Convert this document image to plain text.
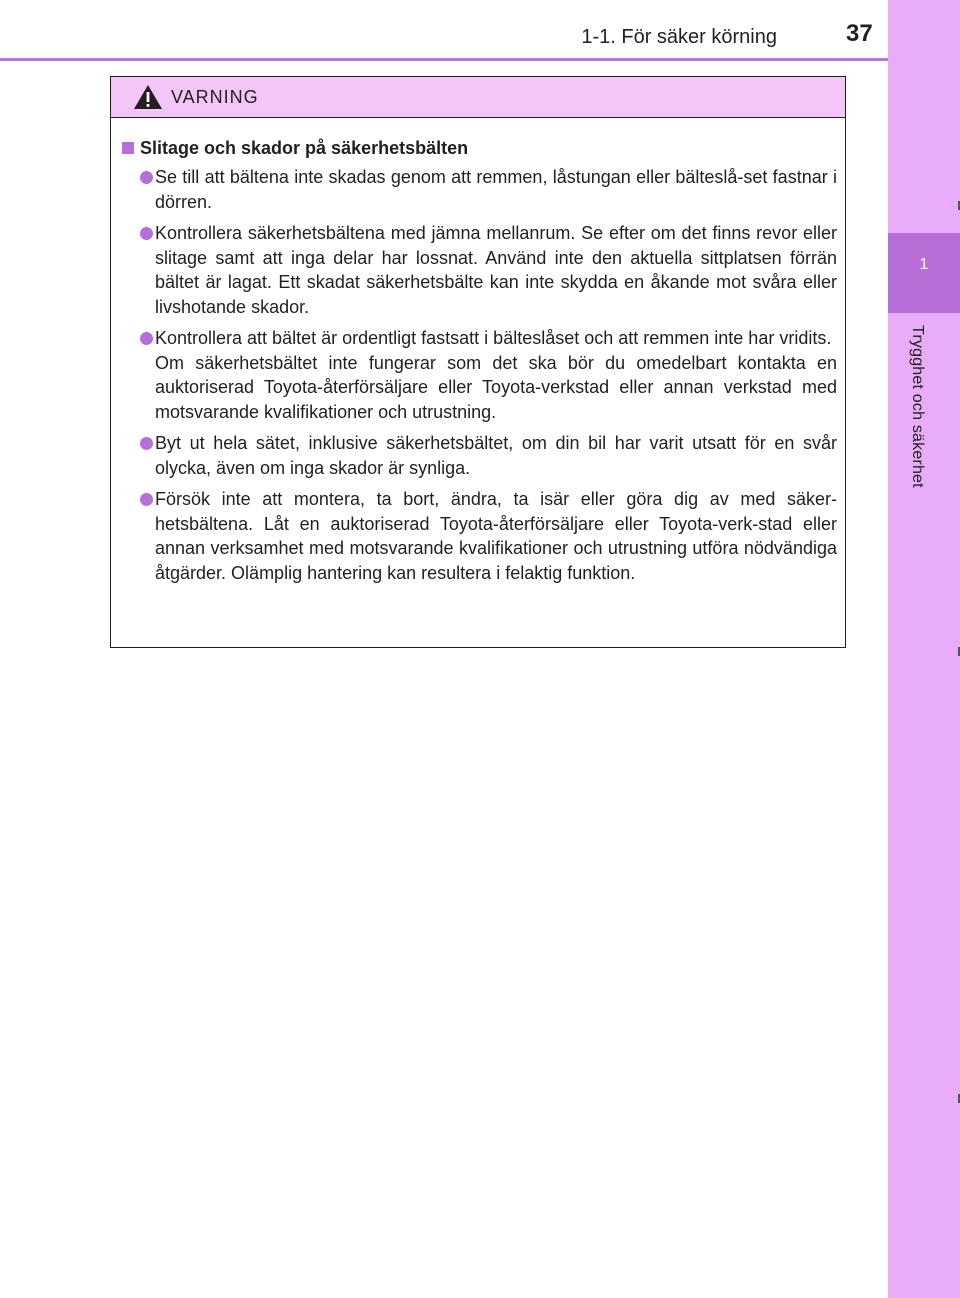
1
Trygghet och säkerhet
1-1. För säker körning	37
VARNING
Slitage och skador på säkerhetsbälten

Se till att bältena inte skadas genom att remmen, låstungan eller bälteslå-set fastnar i dörren.

Kontrollera säkerhetsbältena med jämna mellanrum. Se efter om det finns revor eller slitage samt att inga delar har lossnat. Använd inte den aktuella sittplatsen förrän bältet är lagat. Ett skadat säkerhetsbälte kan inte skydda en åkande mot svåra eller livshotande skador.

Kontrollera att bältet är ordentligt fastsatt i bälteslåset och att remmen inte har vridits.

Om säkerhetsbältet inte fungerar som det ska bör du omedelbart kontakta en auktoriserad Toyota-återförsäljare eller Toyota-verkstad eller annan verkstad med motsvarande kvalifikationer och utrustning.

Byt ut hela sätet, inklusive säkerhetsbältet, om din bil har varit utsatt för en svår olycka, även om inga skador är synliga.

Försök inte att montera, ta bort, ändra, ta isär eller göra dig av med säker-hetsbältena. Låt en auktoriserad Toyota-återförsäljare eller Toyota-verk-stad eller annan verksamhet med motsvarande kvalifikationer och utrustning utföra nödvändiga åtgärder. Olämplig hantering kan resultera i felaktig funktion.
